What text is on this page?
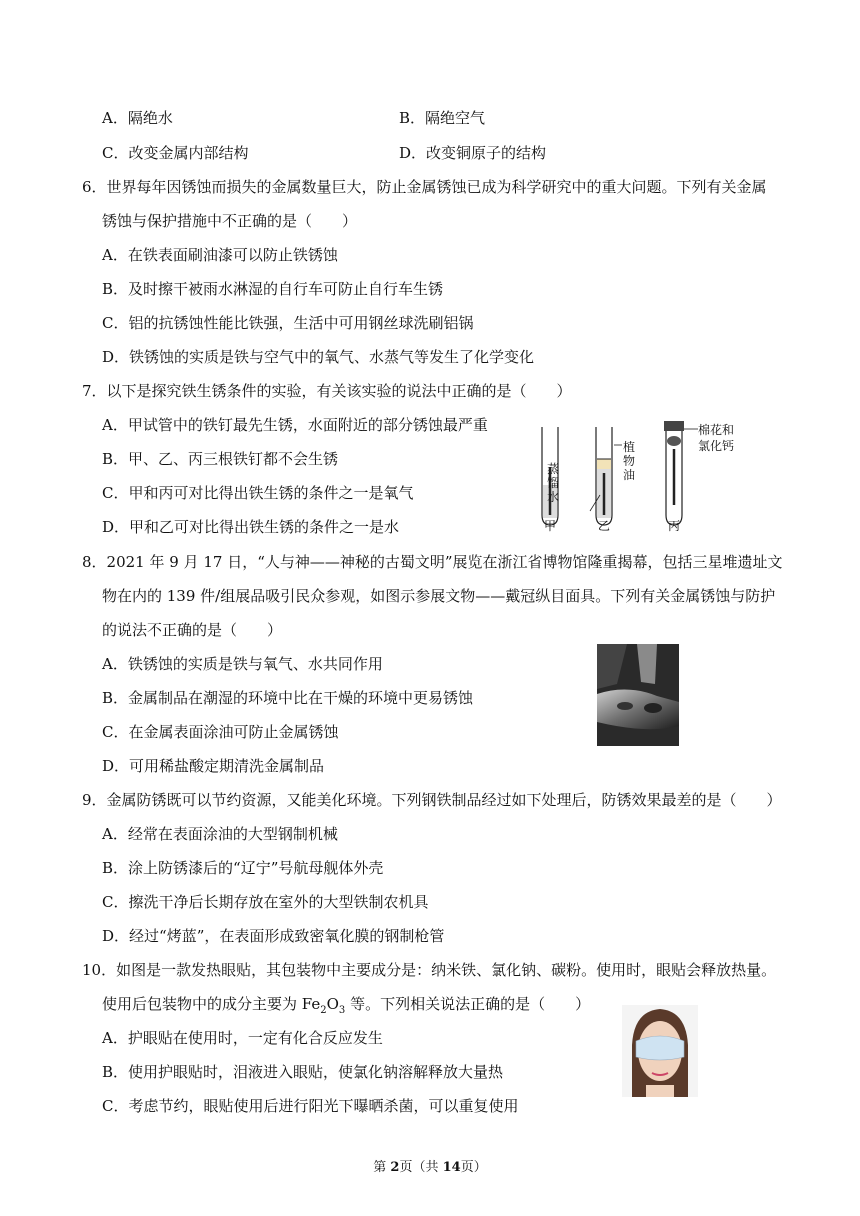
A．隔绝水	B．隔绝空气
C．改变金属内部结构	D．改变铜原子的结构
6．世界每年因锈蚀而损失的金属数量巨大，防止金属锈蚀已成为科学研究中的重大问题。下列有关金属
锈蚀与保护措施中不正确的是（　　）
A．在铁表面刷油漆可以防止铁锈蚀
B．及时擦干被雨水淋湿的自行车可防止自行车生锈
C．铝的抗锈蚀性能比铁强，生活中可用钢丝球洗刷铝锅
D．铁锈蚀的实质是铁与空气中的氧气、水蒸气等发生了化学变化
7．以下是探究铁生锈条件的实验，有关该实验的说法中正确的是（　　）
A．甲试管中的铁钉最先生锈，水面附近的部分锈蚀最严重
B．甲、乙、丙三根铁钉都不会生锈
C．甲和丙可对比得出铁生锈的条件之一是氧气
D．甲和乙可对比得出铁生锈的条件之一是水
蒸馏水
植物油
棉花和氯化钙
甲	乙	丙
8．2021 年 9 月 17 日，“人与神——神秘的古蜀文明”展览在浙江省博物馆隆重揭幕，包括三星堆遗址文
物在内的 139 件/组展品吸引民众参观，如图示参展文物——戴冠纵目面具。下列有关金属锈蚀与防护
的说法不正确的是（　　）
A．铁锈蚀的实质是铁与氧气、水共同作用
B．金属制品在潮湿的环境中比在干燥的环境中更易锈蚀
C．在金属表面涂油可防止金属锈蚀
D．可用稀盐酸定期清洗金属制品
9．金属防锈既可以节约资源，又能美化环境。下列钢铁制品经过如下处理后，防锈效果最差的是（　　）
A．经常在表面涂油的大型钢制机械
B．涂上防锈漆后的“辽宁”号航母舰体外壳
C．擦洗干净后长期存放在室外的大型铁制农机具
D．经过“烤蓝”，在表面形成致密氧化膜的钢制枪管
10．如图是一款发热眼贴，其包装物中主要成分是：纳米铁、氯化钠、碳粉。使用时，眼贴会释放热量。
使用后包装物中的成分主要为 $Fe_2O_3$ 等。下列相关说法正确的是（　　）
A．护眼贴在使用时，一定有化合反应发生
B．使用护眼贴时，泪液进入眼贴，使氯化钠溶解释放大量热
C．考虑节约，眼贴使用后进行阳光下曝晒杀菌，可以重复使用
第 2页（共 14页）
